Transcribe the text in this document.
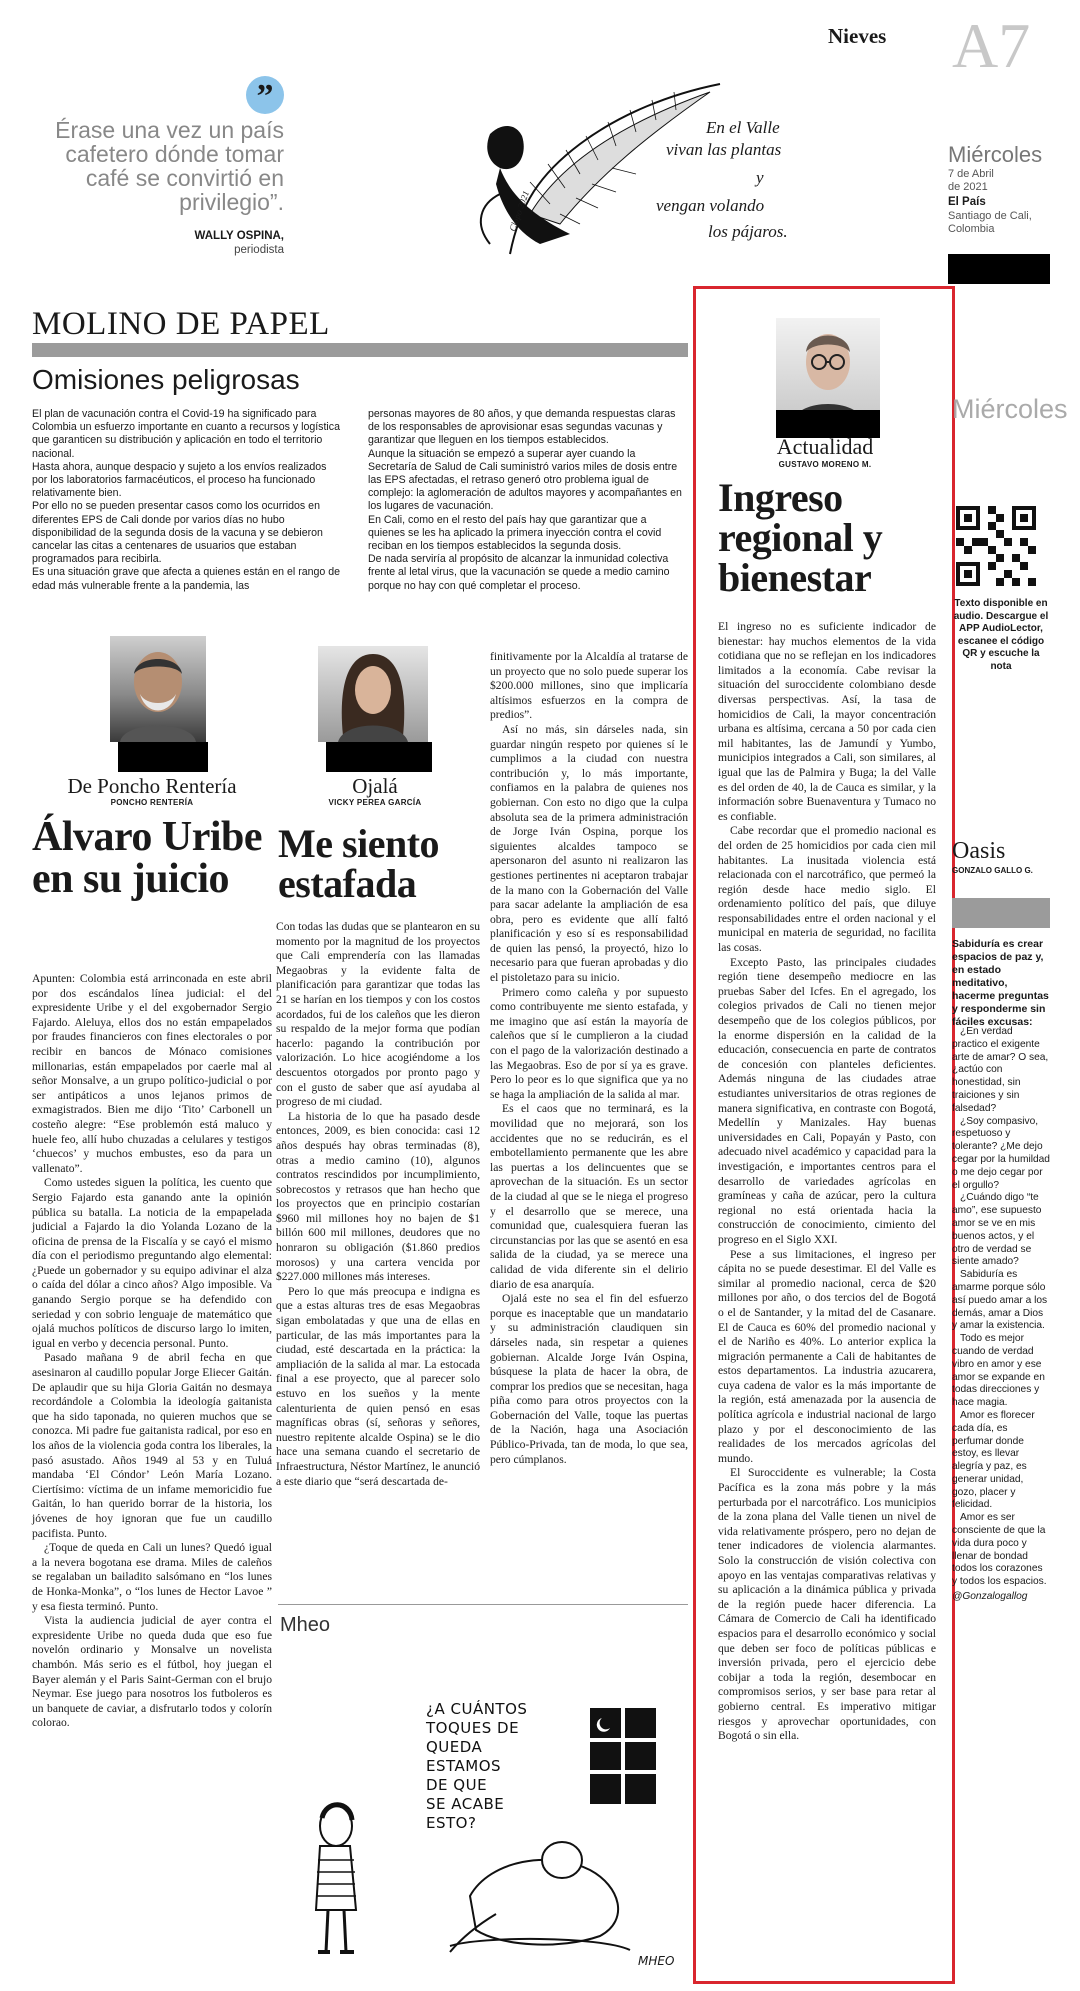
Nieves A7
”
Érase una vez un país cafetero dónde tomar café se convirtió en privilegio”.
WALLY OSPINA,
periodista
En el Valle
vivan las plantas
y
vengan volando
los pájaros.
Clopo 2021
Miércoles
7 de Abril
de 2021
El País
Santiago de Cali,
Colombia
MOLINO DE PAPEL
Omisiones peligrosas

El plan de vacunación contra el Covid-19 ha significado para Colombia un esfuerzo importante en cuanto a recursos y logística que garanticen su distribución y aplicación en todo el territorio nacional.

Hasta ahora, aunque despacio y sujeto a los envíos realizados por los laboratorios farmacéuticos, el proceso ha funcionado relativamente bien.

Por ello no se pueden presentar casos como los ocurridos en diferentes EPS de Cali donde por varios días no hubo disponibilidad de la segunda dosis de la vacuna y se debieron cancelar las citas a centenares de usuarios que estaban programados para recibirla.

Es una situación grave que afecta a quienes están en el rango de edad más vulnerable frente a la pandemia, las

personas mayores de 80 años, y que demanda respuestas claras de los responsables de aprovisionar esas segundas vacunas y garantizar que lleguen en los tiempos establecidos.

Aunque la situación se empezó a superar ayer cuando la Secretaría de Salud de Cali suministró varios miles de dosis entre las EPS afectadas, el retraso generó otro problema igual de complejo: la aglomeración de adultos mayores y acompañantes en los lugares de vacunación.

En Cali, como en el resto del país hay que garantizar que a quienes se les ha aplicado la primera inyección contra el covid reciban en los tiempos establecidos la segunda dosis.

De nada serviría al propósito de alcanzar la inmunidad colectiva frente al letal virus, que la vacunación se quede a medio camino porque no hay con qué completar el proceso.

De Poncho Rentería
PONCHO RENTERÍA
Álvaro Uribe en su juicio

Apunten: Colombia está arrinconada en este abril por dos escándalos línea judicial: el del expresidente Uribe y el del exgobernador Sergio Fajardo. Aleluya, ellos dos no están empapelados por fraudes financieros con fines electorales o por recibir en bancos de Mónaco comisiones millonarias, están empapelados por caerle mal al señor Monsalve, a un grupo político-judicial o por ser antipáticos a unos lejanos primos de exmagistrados. Bien me dijo ‘Tito’ Carbonell un costeño alegre: “Ese problemón está maluco y huele feo, allí hubo chuzadas a celulares y testigos ‘chuecos’ y muchos embustes, eso da para un vallenato”.

Como ustedes siguen la política, les cuento que Sergio Fajardo esta ganando ante la opinión pública su batalla. La noticia de la empapelada judicial a Fajardo la dio Yolanda Lozano de la oficina de prensa de la Fiscalía y se cayó el mismo día con el periodismo preguntando algo elemental: ¿Puede un gobernador y su equipo adivinar el alza o caída del dólar a cinco años? Algo imposible. Va ganando Sergio porque se ha defendido con seriedad y con sobrio lenguaje de matemático que ojalá muchos políticos de discurso largo lo imiten, igual en verbo y decencia personal. Punto.

Pasado mañana 9 de abril fecha en que asesinaron al caudillo popular Jorge Eliecer Gaitán. De aplaudir que su hija Gloria Gaitán no desmaya recordándole a Colombia la ideología gaitanista que ha sido taponada, no quieren muchos que se conozca. Mi padre fue gaitanista radical, por eso en los años de la violencia goda contra los liberales, la pasó asustado. Años 1949 al 53 y en Tuluá mandaba ‘El Cóndor’ León María Lozano. Ciertísimo: víctima de un infame memoricidio fue Gaitán, lo han querido borrar de la historia, los jóvenes de hoy ignoran que fue un caudillo pacifista. Punto.

¿Toque de queda en Cali un lunes? Quedó igual a la nevera bogotana ese drama. Miles de caleños se regalaban un bailadito salsómano en “los lunes de Honka-Monka”, o “los lunes de Hector Lavoe ” y esa fiesta terminó. Punto.

Vista la audiencia judicial de ayer contra el expresidente Uribe no queda duda que eso fue novelón ordinario y Monsalve un novelista chambón. Más serio es el fútbol, hoy juegan el Bayer alemán y el Paris Saint-German con el brujo Neymar. Ese juego para nosotros los futboleros es un banquete de caviar, a disfrutarlo todos y colorín colorao.

Ojalá
VICKY PEREA GARCÍA
Me siento estafada

Con todas las dudas que se plantearon en su momento por la magnitud de los proyectos que Cali emprendería con las llamadas Megaobras y la evidente falta de planificación para garantizar que todas las 21 se harían en los tiempos y con los costos acordados, fui de los caleños que les dieron su respaldo de la mejor forma que podían hacerlo: pagando la contribución por valorización. Lo hice acogiéndome a los descuentos otorgados por pronto pago y con el gusto de saber que así ayudaba al progreso de mi ciudad.

La historia de lo que ha pasado desde entonces, 2009, es bien conocida: casi 12 años después hay obras terminadas (8), otras a medio camino (10), algunos contratos rescindidos por incumplimiento, sobrecostos y retrasos que han hecho que los proyectos que en principio costarían $960 mil millones hoy no bajen de $1 billón 600 mil millones, deudores que no honraron su obligación ($1.860 predios morosos) y una cartera vencida por $227.000 millones más intereses.

Pero lo que más preocupa e indigna es que a estas alturas tres de esas Megaobras sigan embolatadas y que una de ellas en particular, de las más importantes para la ciudad, esté descartada en la práctica: la ampliación de la salida al mar. La estocada final a ese proyecto, que al parecer solo estuvo en los sueños y la mente calenturienta de quien pensó en esas magníficas obras (sí, señoras y señores, nuestro repitente alcalde Ospina) se le dio hace una semana cuando el secretario de Infraestructura, Néstor Martínez, le anunció a este diario que “será descartada de-

finitivamente por la Alcaldía al tratarse de un proyecto que no solo puede superar los $200.000 millones, sino que implicaría altísimos esfuerzos en la compra de predios”.

Así no más, sin dárseles nada, sin guardar ningún respeto por quienes sí le cumplimos a la ciudad con nuestra contribución y, lo más importante, confiamos en la palabra de quienes nos gobiernan. Con esto no digo que la culpa absoluta sea de la primera administración de Jorge Iván Ospina, porque los siguientes alcaldes tampoco se apersonaron del asunto ni realizaron las gestiones pertinentes ni aceptaron trabajar de la mano con la Gobernación del Valle para sacar adelante la ampliación de esa obra, pero es evidente que allí faltó planificación y eso sí es responsabilidad de quien las pensó, la proyectó, hizo lo necesario para que fueran aprobadas y dio el pistoletazo para su inicio.

Primero como caleña y por supuesto como contribuyente me siento estafada, y me imagino que así están la mayoría de caleños que sí le cumplieron a la ciudad con el pago de la valorización destinado a las Megaobras. Eso de por sí ya es grave. Pero lo peor es lo que significa que ya no se haga la ampliación de la salida al mar.

Es el caos que no terminará, es la movilidad que no mejorará, son los accidentes que no se reducirán, es el embotellamiento permanente que les abre las puertas a los delincuentes que se aprovechan de la situación. Es un sector de la ciudad al que se le niega el progreso y el desarrollo que se merece, una comunidad que, cualesquiera fueran las circunstancias por las que se asentó en esa salida de la ciudad, ya se merece una calidad de vida diferente sin el delirio diario de esa anarquía.

Ojalá este no sea el fin del esfuerzo porque es inaceptable que un mandatario y su administración claudiquen sin dárseles nada, sin respetar a quienes gobiernan. Alcalde Jorge Iván Ospina, búsquese la plata de hacer la obra, de comprar los predios que se necesitan, haga piña como para otros proyectos con la Gobernación del Valle, toque las puertas de la Nación, haga una Asociación Público-Privada, tan de moda, lo que sea, pero cúmplanos.

Mheo
¿A CUÁNTOS
TOQUES DE
QUEDA
ESTAMOS
DE QUE
SE ACABE
ESTO?
MHEO
Actualidad
GUSTAVO MORENO M.
Ingreso regional y bienestar

El ingreso no es suficiente indicador de bienestar: hay muchos elementos de la vida cotidiana que no se reflejan en los indicadores limitados a la economía. Cabe revisar la situación del suroccidente colombiano desde diversas perspectivas. Así, la tasa de homicidios de Cali, la mayor concentración urbana es altísima, cercana a 50 por cada cien mil habitantes, las de Jamundí y Yumbo, municipios integrados a Cali, son similares, al igual que las de Palmira y Buga; la del Valle es del orden de 40, la de Cauca es similar, y la información sobre Buenaventura y Tumaco no es confiable.

Cabe recordar que el promedio nacional es del orden de 25 homicidios por cada cien mil habitantes. La inusitada violencia está relacionada con el narcotráfico, que permeó la región desde hace medio siglo. El ordenamiento político del país, que diluye responsabilidades entre el orden nacional y el municipal en materia de seguridad, no facilita las cosas.

Excepto Pasto, las principales ciudades región tiene desempeño mediocre en las pruebas Saber del Icfes. En el agregado, los colegios privados de Cali no tienen mejor desempeño que de los colegios públicos, por la enorme dispersión en la calidad de la educación, consecuencia en parte de contratos de concesión con planteles deficientes. Además ninguna de las ciudades atrae estudiantes universitarios de otras regiones de manera significativa, en contraste con Bogotá, Medellín y Manizales. Hay buenas universidades en Cali, Popayán y Pasto, con adecuado nivel académico y capacidad para la investigación, e importantes centros para el desarrollo de variedades agrícolas en gramíneas y caña de azúcar, pero la cultura regional no está orientada hacia la construcción de conocimiento, cimiento del progreso en el Siglo XXI.

Pese a sus limitaciones, el ingreso per cápita no se puede desestimar. El del Valle es similar al promedio nacional, cerca de $20 millones por año, o dos tercios del de Bogotá o el de Santander, y la mitad del de Casanare. El de Cauca es 60% del promedio nacional y el de Nariño es 40%. Lo anterior explica la migración permanente a Cali de habitantes de estos departamentos. La industria azucarera, cuya cadena de valor es la más importante de la región, está amenazada por la ausencia de política agrícola e industrial nacional de largo plazo y por el desconocimiento de las realidades de los mercados agrícolas del mundo.

El Suroccidente es vulnerable; la Costa Pacífica es la zona más pobre y la más perturbada por el narcotráfico. Los municipios de la zona plana del Valle tienen un nivel de vida relativamente próspero, pero no dejan de tener indicadores de violencia alarmantes. Solo la construcción de visión colectiva con apoyo en las ventajas comparativas relativas y su aplicación a la dinámica pública y privada de la región puede hacer diferencia. La Cámara de Comercio de Cali ha identificado espacios para el desarrollo económico y social que deben ser foco de políticas públicas e inversión privada, pero el ejercicio debe cobijar a toda la región, desembocar en compromisos serios, y ser base para retar al gobierno central. Es imperativo mitigar riesgos y aprovechar oportunidades, con Bogotá o sin ella.

Miércoles
Texto disponible en audio. Descargue el APP AudioLector, escanee el código QR y escuche la nota
Oasis
GONZALO GALLO G.
Sabiduría es crear espacios de paz y, en estado meditativo, hacerme preguntas y responderme sin fáciles excusas:

¿En verdad practico el exigente arte de amar? O sea, ¿actúo con honestidad, sin traiciones y sin falsedad?

¿Soy compasivo, respetuoso y tolerante? ¿Me dejo cegar por la humildad o me dejo cegar por el orgullo?

¿Cuándo digo “te amo”, ese supuesto amor se ve en mis buenos actos, y el otro de verdad se siente amado?

Sabiduría es amarme porque sólo así puedo amar a los demás, amar a Dios y amar la existencia.

Todo es mejor cuando de verdad vibro en amor y ese amor se expande en todas direcciones y hace magia.

Amor es florecer cada día, es perfumar donde estoy, es llevar alegría y paz, es generar unidad, gozo, placer y felicidad.

Amor es ser consciente de que la vida dura poco y llenar de bondad todos los corazones y todos los espacios.

@Gonzalogallog
